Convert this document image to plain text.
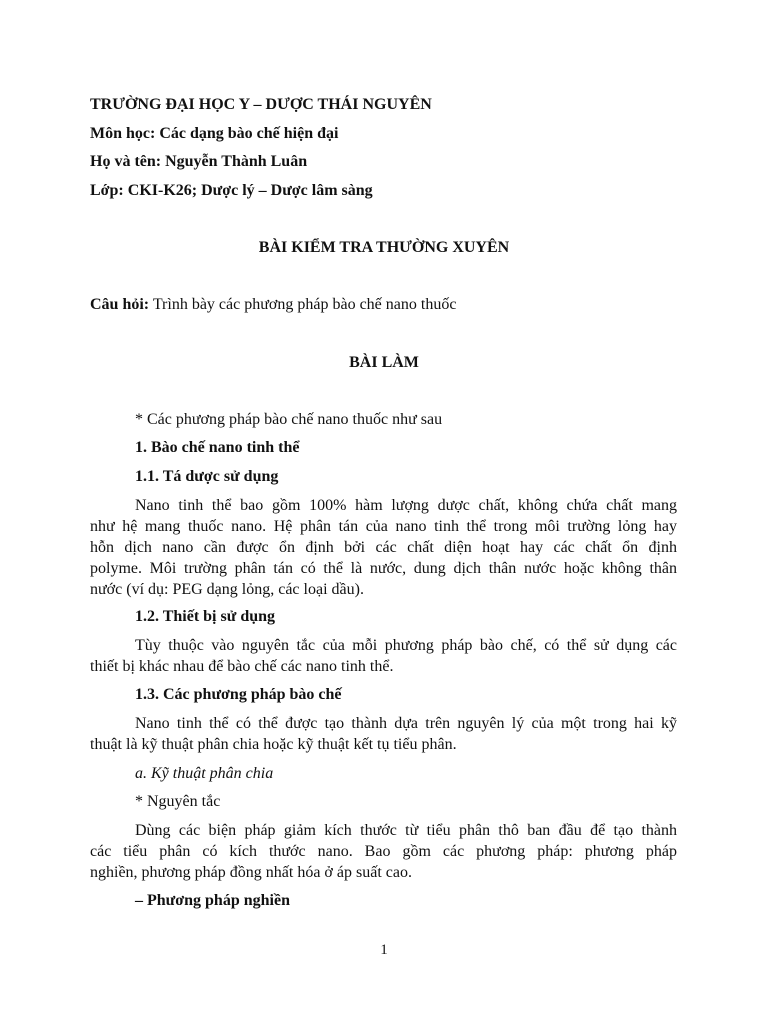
TRƯỜNG ĐẠI HỌC Y – DƯỢC THÁI NGUYÊN
Môn học: Các dạng bào chế hiện đại
Họ và tên: Nguyễn Thành Luân
Lớp: CKI-K26; Dược lý – Dược lâm sàng
BÀI KIỂM TRA THƯỜNG XUYÊN
Câu hỏi: Trình bày các phương pháp bào chế nano thuốc
BÀI LÀM
* Các phương pháp bào chế nano thuốc như sau
1. Bào chế nano tinh thể
1.1. Tá dược sử dụng
Nano tinh thể bao gồm 100% hàm lượng dược chất, không chứa chất mang
như hệ mang thuốc nano. Hệ phân tán của nano tinh thể trong môi trường lỏng hay
hỗn dịch nano cần được ổn định bởi các chất diện hoạt hay các chất ổn định
polyme. Môi trường phân tán có thể là nước, dung dịch thân nước hoặc không thân
nước (ví dụ: PEG dạng lỏng, các loại dầu).
1.2. Thiết bị sử dụng
Tùy thuộc vào nguyên tắc của mỗi phương pháp bào chế, có thể sử dụng các
thiết bị khác nhau để bào chế các nano tinh thể.
1.3. Các phương pháp bào chế
Nano tinh thể có thể được tạo thành dựa trên nguyên lý của một trong hai kỹ
thuật là kỹ thuật phân chia hoặc kỹ thuật kết tụ tiểu phân.
a. Kỹ thuật phân chia
* Nguyên tắc
Dùng các biện pháp giảm kích thước từ tiểu phân thô ban đầu để tạo thành
các tiểu phân có kích thước nano. Bao gồm các phương pháp: phương pháp
nghiền, phương pháp đồng nhất hóa ở áp suất cao.
– Phương pháp nghiền
1
